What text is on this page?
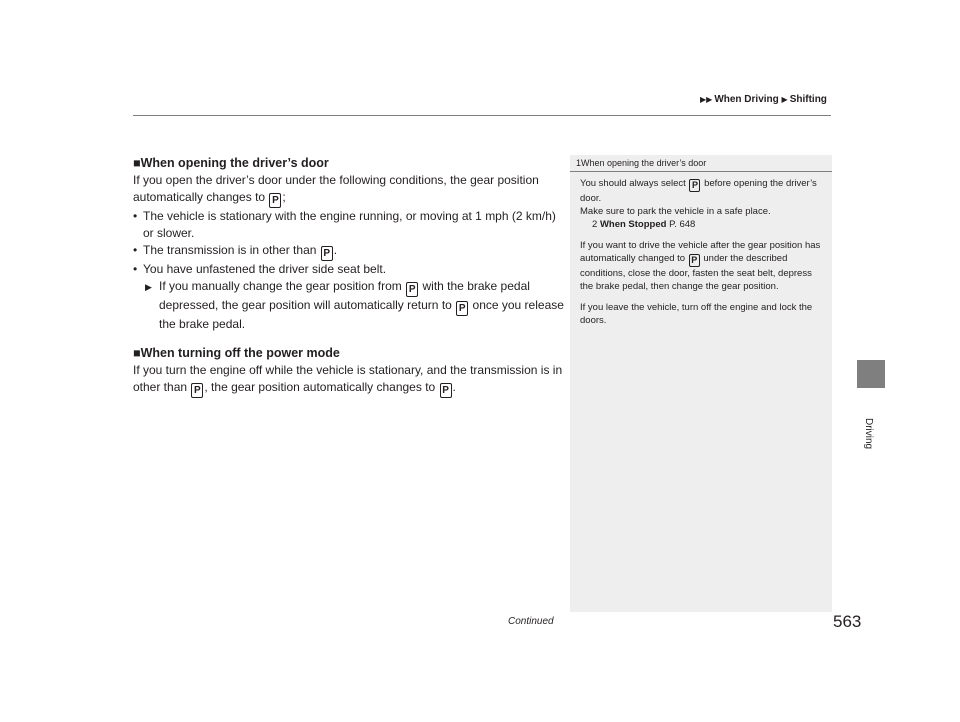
▶▶ When Driving ▶ Shifting
Driving
■When opening the driver’s door

If you open the driver’s door under the following conditions, the gear position automatically changes to P ;

• The vehicle is stationary with the engine running, or moving at 1 mph (2 km/h) or slower.
• The transmission is in other than P .
• You have unfastened the driver side seat belt.
▶ If you manually change the gear position from P with the brake pedal depressed, the gear position will automatically return to P once you release the brake pedal.
■When turning off the power mode

If you turn the engine off while the vehicle is stationary, and the transmission is in other than P , the gear position automatically changes to P .

1When opening the driver’s door

You should always select P before opening the driver’s door.

Make sure to park the vehicle in a safe place.

2 When Stopped P. 648

If you want to drive the vehicle after the gear position has automatically changed to P under the described conditions, close the door, fasten the seat belt, depress the brake pedal, then change the gear position.

If you leave the vehicle, turn off the engine and lock the doors.

Continued	563
